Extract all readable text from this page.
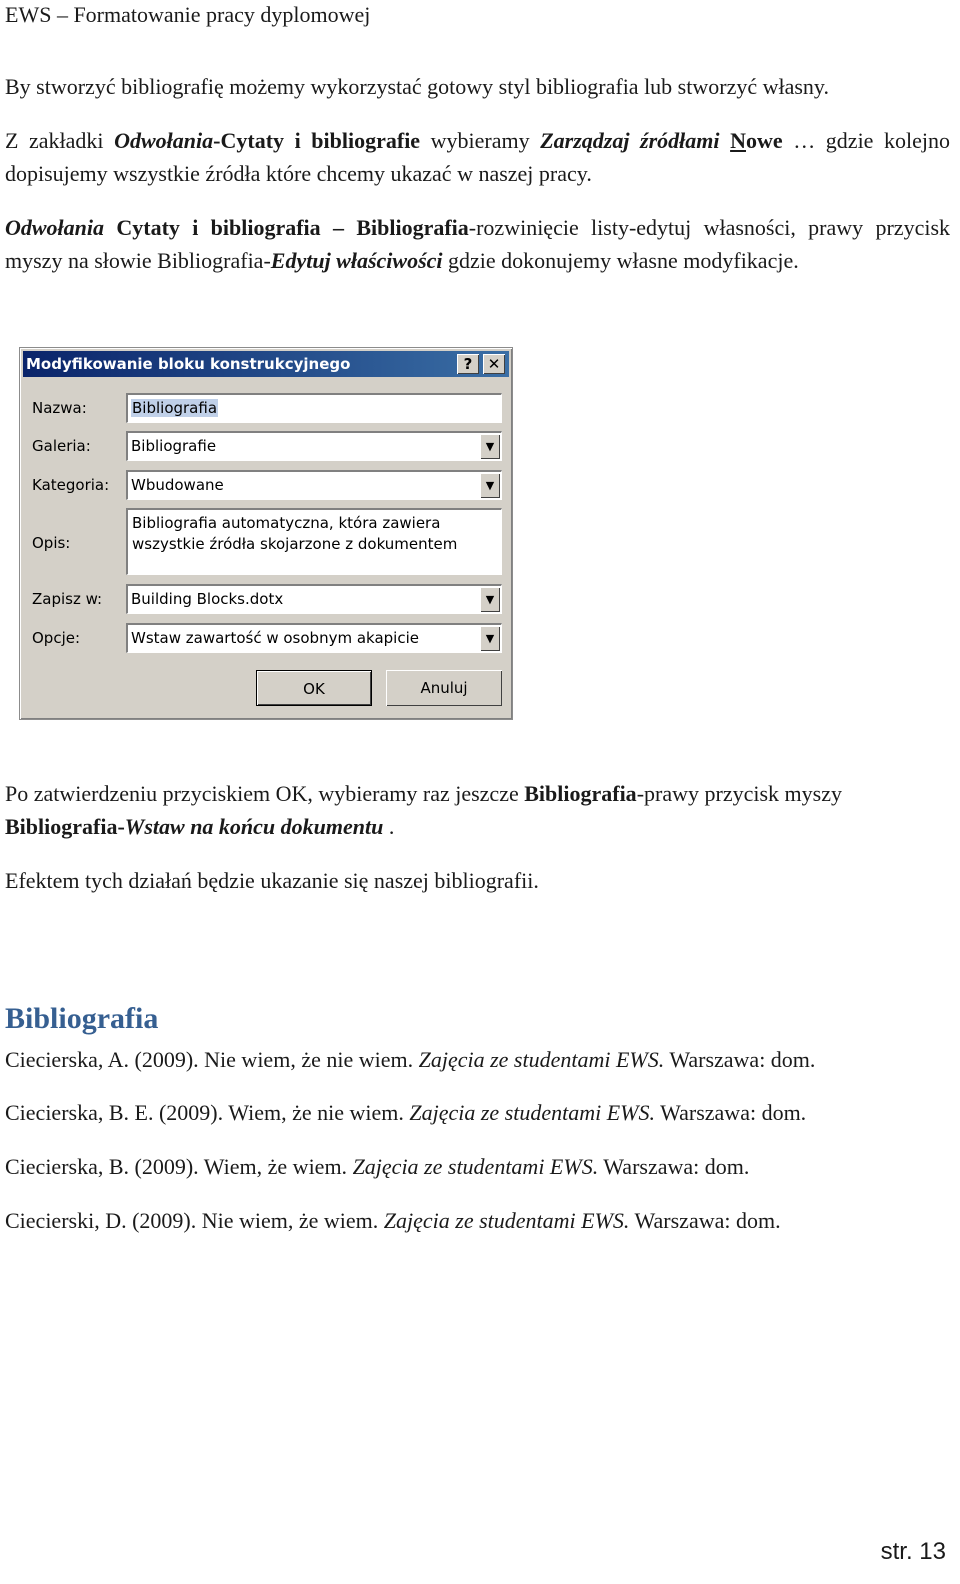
EWS – Formatowanie pracy dyplomowej

By stworzyć bibliografię możemy wykorzystać gotowy styl bibliografia lub stworzyć własny.

Z zakładki Odwołania-Cytaty i bibliografie wybieramy Zarządzaj źródłami Nowe … gdzie kolejno dopisujemy wszystkie źródła które chcemy ukazać w naszej pracy.

Odwołania Cytaty i bibliografia – Bibliografia-rozwinięcie listy-edytuj własności, prawy przycisk myszy na słowie Bibliografia-Edytuj właściwości gdzie dokonujemy własne modyfikacje.

Modyfikowanie bloku konstrukcyjnego	?	✕
Nazwa:	Bibliografia
Galeria:	Bibliografie	▼
Kategoria: Wbudowane	▼
Opis:
Bibliografia automatyczna, która zawiera wszystkie źródła skojarzone z dokumentem
Zapisz w: Building Blocks.dotx	▼
Opcje:	Wstaw zawartość w osobnym akapicie	▼
OK	Anuluj

Po zatwierdzeniu przyciskiem OK, wybieramy raz jeszcze Bibliografia-prawy przycisk myszy Bibliografia-Wstaw na końcu dokumentu .

Efektem tych działań będzie ukazanie się naszej bibliografii.

Bibliografia

Ciecierska, A. (2009). Nie wiem, że nie wiem. Zajęcia ze studentami EWS. Warszawa: dom.

Ciecierska, B. E. (2009). Wiem, że nie wiem. Zajęcia ze studentami EWS. Warszawa: dom.

Ciecierska, B. (2009). Wiem, że wiem. Zajęcia ze studentami EWS. Warszawa: dom.

Ciecierski, D. (2009). Nie wiem, że wiem. Zajęcia ze studentami EWS. Warszawa: dom.

str. 13
